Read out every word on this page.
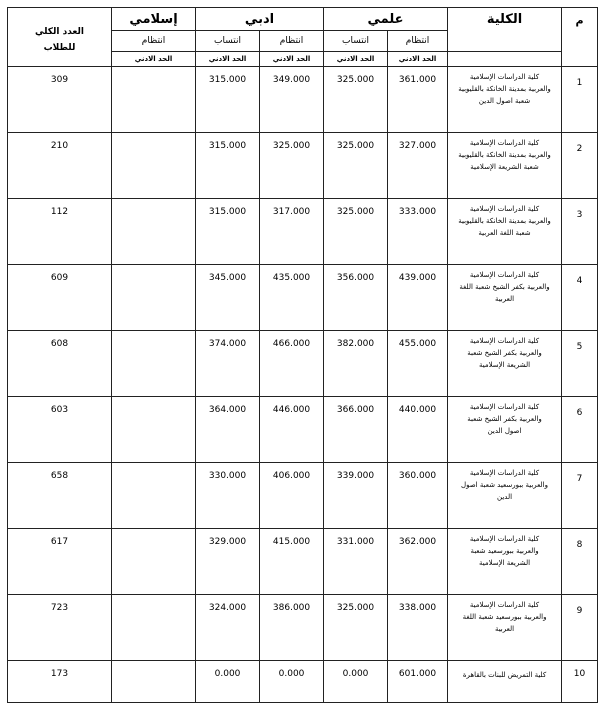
م	الكلية	علمي		ادبي		إسلامي	العدد الكلي
للطلاب

		انتظام	انتساب	انتظام	انتساب	انتظام	
		الحد الادني	الحد الادني	الحد الادني	الحد الادني	الحد الادني	
1	كلية الدراسات الإسلامية
والعربية بمدينة الخانكة بالقليوبية
شعبة اصول الدين	361.000	325.000	349.000	315.000		309
2	كلية الدراسات الإسلامية
والعربية بمدينة الخانكة بالقليوبية
شعبة الشريعة الإسلامية	327.000	325.000	325.000	315.000		210
3	كلية الدراسات الإسلامية
والعربية بمدينة الخانكة بالقليوبية
شعبة اللغة العربية	333.000	325.000	317.000	315.000		112
4	كلية الدراسات الإسلامية
والعربية بكفر الشيخ شعبة اللغة
العربية	439.000	356.000	435.000	345.000		609
5	كلية الدراسات الإسلامية
والعربية بكفر الشيخ شعبة
الشريعة الإسلامية	455.000	382.000	466.000	374.000		608
6	كلية الدراسات الإسلامية
والعربية بكفر الشيخ شعبة
اصول الدين	440.000	366.000	446.000	364.000		603
7	كلية الدراسات الإسلامية
والعربية ببورسعيد شعبة اصول
الدين	360.000	339.000	406.000	330.000		658
8	كلية الدراسات الإسلامية
والعربية ببورسعيد شعبة
الشريعة الإسلامية	362.000	331.000	415.000	329.000		617
9	كلية الدراسات الإسلامية
والعربية ببورسعيد شعبة اللغة
العربية	338.000	325.000	386.000	324.000		723
10	كلية التمريض للبنات بالقاهرة	601.000	0.000	0.000	0.000		173
